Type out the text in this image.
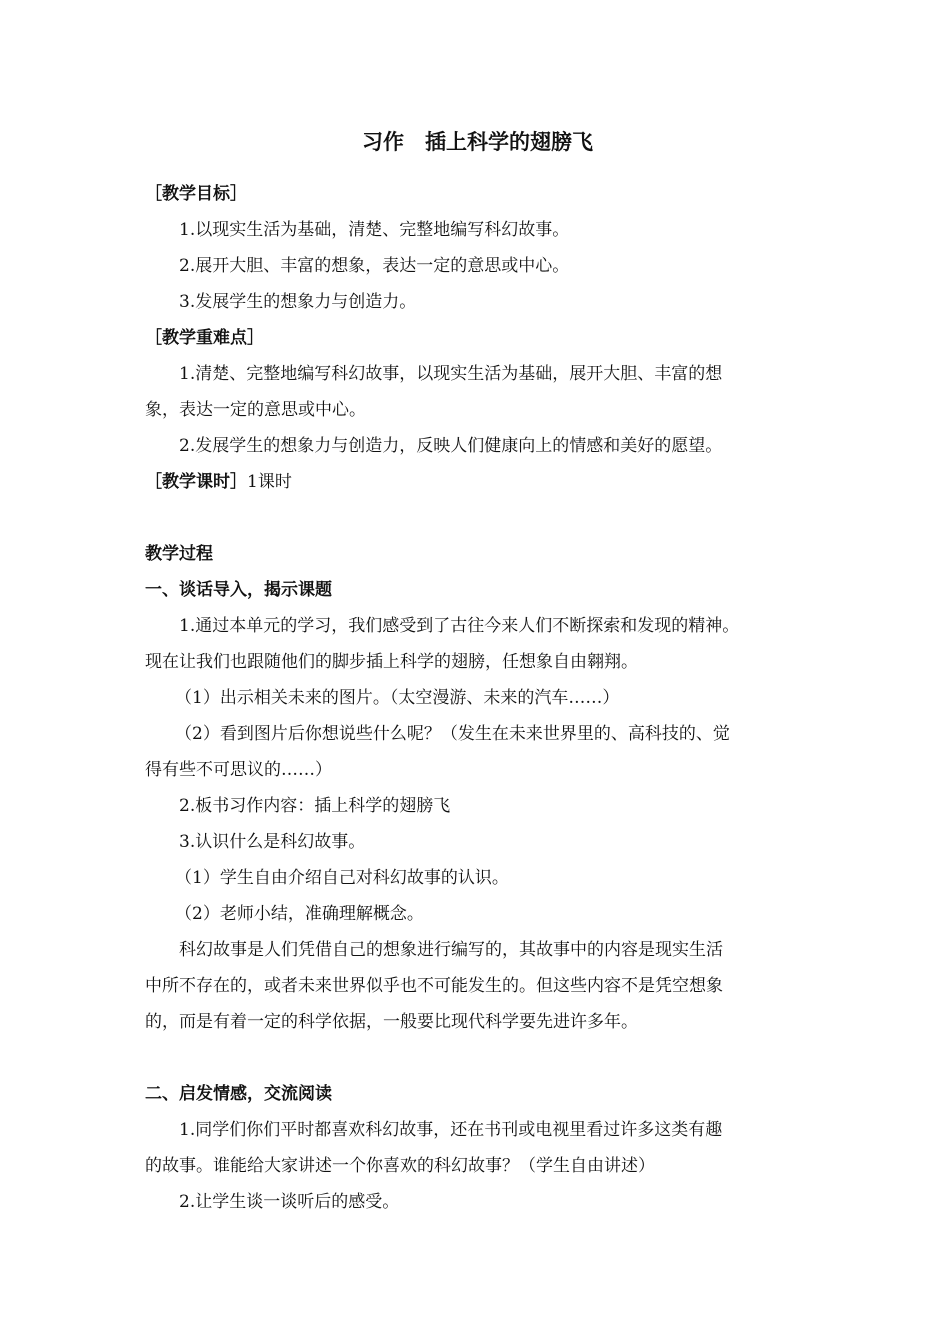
习作　插上科学的翅膀飞
［教学目标］
1.以现实生活为基础，清楚、完整地编写科幻故事。
2.展开大胆、丰富的想象，表达一定的意思或中心。
3.发展学生的想象力与创造力。
［教学重难点］
1.清楚、完整地编写科幻故事，以现实生活为基础，展开大胆、丰富的想
象，表达一定的意思或中心。
2.发展学生的想象力与创造力，反映人们健康向上的情感和美好的愿望。
［教学课时］1课时
教学过程
一、谈话导入，揭示课题
1.通过本单元的学习，我们感受到了古往今来人们不断探索和发现的精神。
现在让我们也跟随他们的脚步插上科学的翅膀，任想象自由翱翔。
（1）出示相关未来的图片。（太空漫游、未来的汽车……）
（2）看到图片后你想说些什么呢？（发生在未来世界里的、高科技的、觉
得有些不可思议的……）
2.板书习作内容：插上科学的翅膀飞
3.认识什么是科幻故事。
（1）学生自由介绍自己对科幻故事的认识。
（2）老师小结，准确理解概念。
科幻故事是人们凭借自己的想象进行编写的，其故事中的内容是现实生活
中所不存在的，或者未来世界似乎也不可能发生的。但这些内容不是凭空想象
的，而是有着一定的科学依据，一般要比现代科学要先进许多年。
二、启发情感，交流阅读
1.同学们你们平时都喜欢科幻故事，还在书刊或电视里看过许多这类有趣
的故事。谁能给大家讲述一个你喜欢的科幻故事？（学生自由讲述）
2.让学生谈一谈听后的感受。
